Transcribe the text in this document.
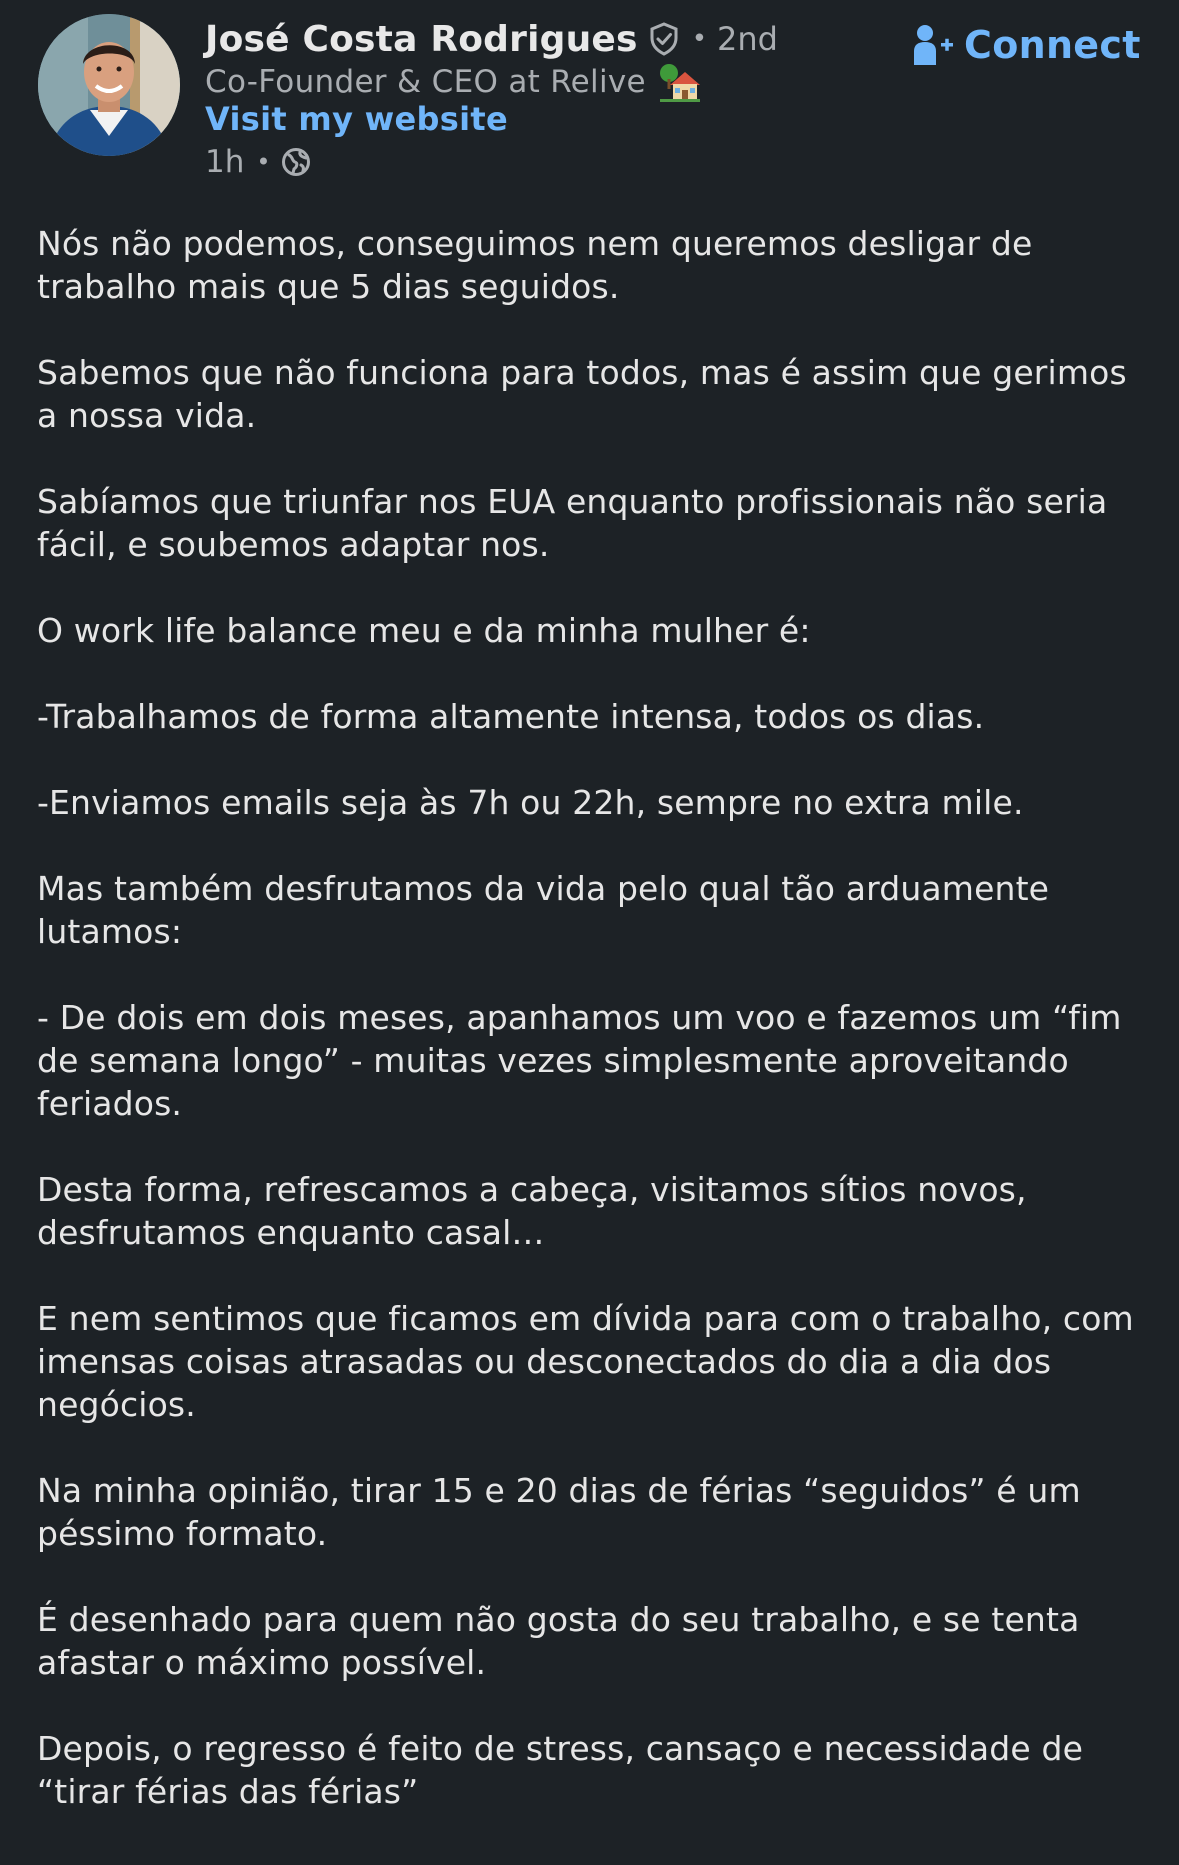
José Costa Rodrigues • 2nd
Co-Founder & CEO at Relive
Visit my website
1h •
Connect

Nós não podemos, conseguimos nem queremos desligar de trabalho mais que 5 dias seguidos.

Sabemos que não funciona para todos, mas é assim que gerimos a nossa vida.

Sabíamos que triunfar nos EUA enquanto profissionais não seria fácil, e soubemos adaptar nos.

O work life balance meu e da minha mulher é:

-Trabalhamos de forma altamente intensa, todos os dias.

-Enviamos emails seja às 7h ou 22h, sempre no extra mile.

Mas também desfrutamos da vida pelo qual tão arduamente lutamos:

- De dois em dois meses, apanhamos um voo e fazemos um “fim de semana longo” - muitas vezes simplesmente aproveitando feriados.

Desta forma, refrescamos a cabeça, visitamos sítios novos, desfrutamos enquanto casal…

E nem sentimos que ficamos em dívida para com o trabalho, com imensas coisas atrasadas ou desconectados do dia a dia dos negócios.

Na minha opinião, tirar 15 e 20 dias de férias “seguidos” é um péssimo formato.

É desenhado para quem não gosta do seu trabalho, e se tenta afastar o máximo possível.

Depois, o regresso é feito de stress, cansaço e necessidade de “tirar férias das férias”
